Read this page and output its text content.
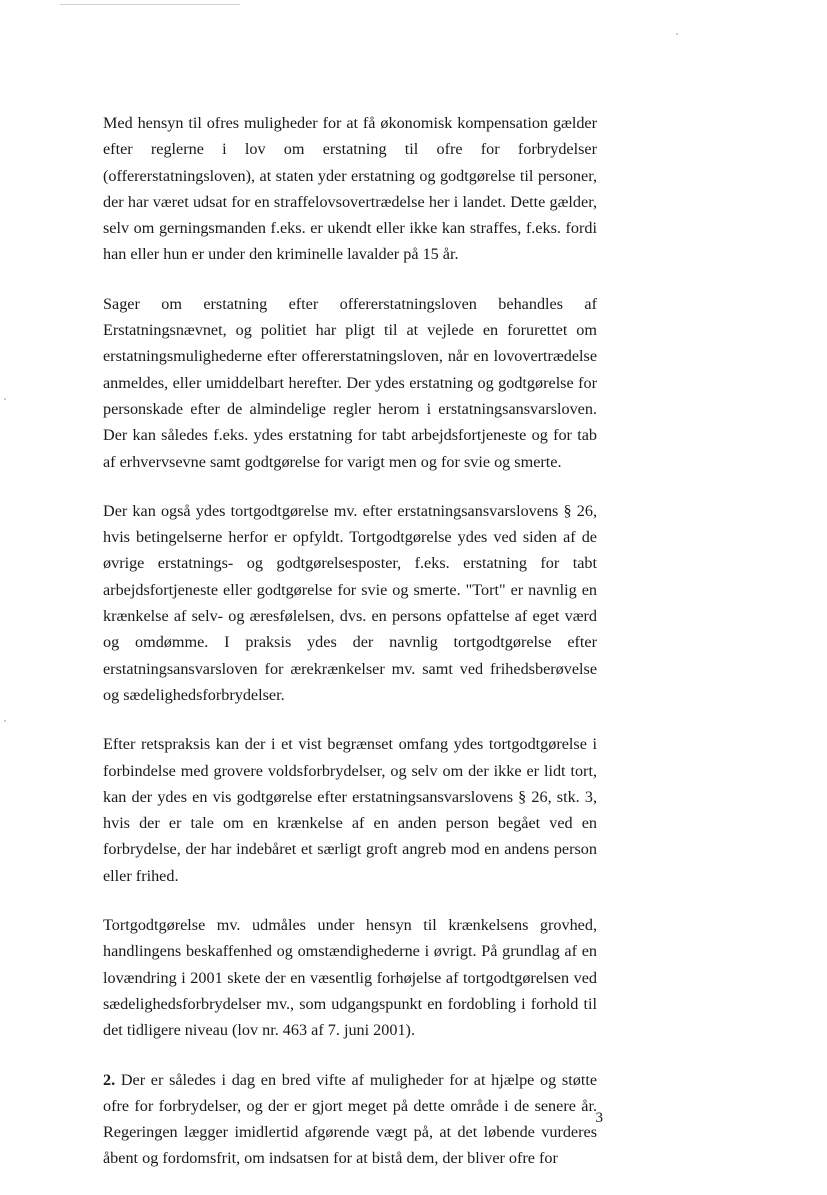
Med hensyn til ofres muligheder for at få økonomisk kompensation gælder efter reglerne i lov om erstatning til ofre for forbrydelser (offererstatningsloven), at staten yder erstatning og godtgørelse til personer, der har været udsat for en straffelovsovertrædelse her i landet. Dette gælder, selv om gerningsmanden f.eks. er ukendt eller ikke kan straffes, f.eks. fordi han eller hun er under den kriminelle lavalder på 15 år.

Sager om erstatning efter offererstatningsloven behandles af Erstatningsnævnet, og politiet har pligt til at vejlede en forurettet om erstatningsmulighederne efter offererstatningsloven, når en lovovertrædelse anmeldes, eller umiddelbart herefter. Der ydes erstatning og godtgørelse for personskade efter de almindelige regler herom i erstatningsansvarsloven. Der kan således f.eks. ydes erstatning for tabt arbejdsfortjeneste og for tab af erhvervsevne samt godtgørelse for varigt men og for svie og smerte.

Der kan også ydes tortgodtgørelse mv. efter erstatningsansvarslovens § 26, hvis betingelserne herfor er opfyldt. Tortgodtgørelse ydes ved siden af de øvrige erstatnings- og godtgørelsesposter, f.eks. erstatning for tabt arbejdsfortjeneste eller godtgørelse for svie og smerte. "Tort" er navnlig en krænkelse af selv- og æresfølelsen, dvs. en persons opfattelse af eget værd og omdømme. I praksis ydes der navnlig tortgodtgørelse efter erstatningsansvarsloven for ærekrænkelser mv. samt ved frihedsberøvelse og sædelighedsforbrydelser.

Efter retspraksis kan der i et vist begrænset omfang ydes tortgodtgørelse i forbindelse med grovere voldsforbrydelser, og selv om der ikke er lidt tort, kan der ydes en vis godtgørelse efter erstatningsansvarslovens § 26, stk. 3, hvis der er tale om en krænkelse af en anden person begået ved en forbrydelse, der har indebåret et særligt groft angreb mod en andens person eller frihed.

Tortgodtgørelse mv. udmåles under hensyn til krænkelsens grovhed, handlingens beskaffenhed og omstændighederne i øvrigt. På grundlag af en lovændring i 2001 skete der en væsentlig forhøjelse af tortgodtgørelsen ved sædelighedsforbrydelser mv., som udgangspunkt en fordobling i forhold til det tidligere niveau (lov nr. 463 af 7. juni 2001).

2. Der er således i dag en bred vifte af muligheder for at hjælpe og støtte ofre for forbrydelser, og der er gjort meget på dette område i de senere år. Regeringen lægger imidlertid afgørende vægt på, at det løbende vurderes åbent og fordomsfrit, om indsatsen for at bistå dem, der bliver ofre for

3
